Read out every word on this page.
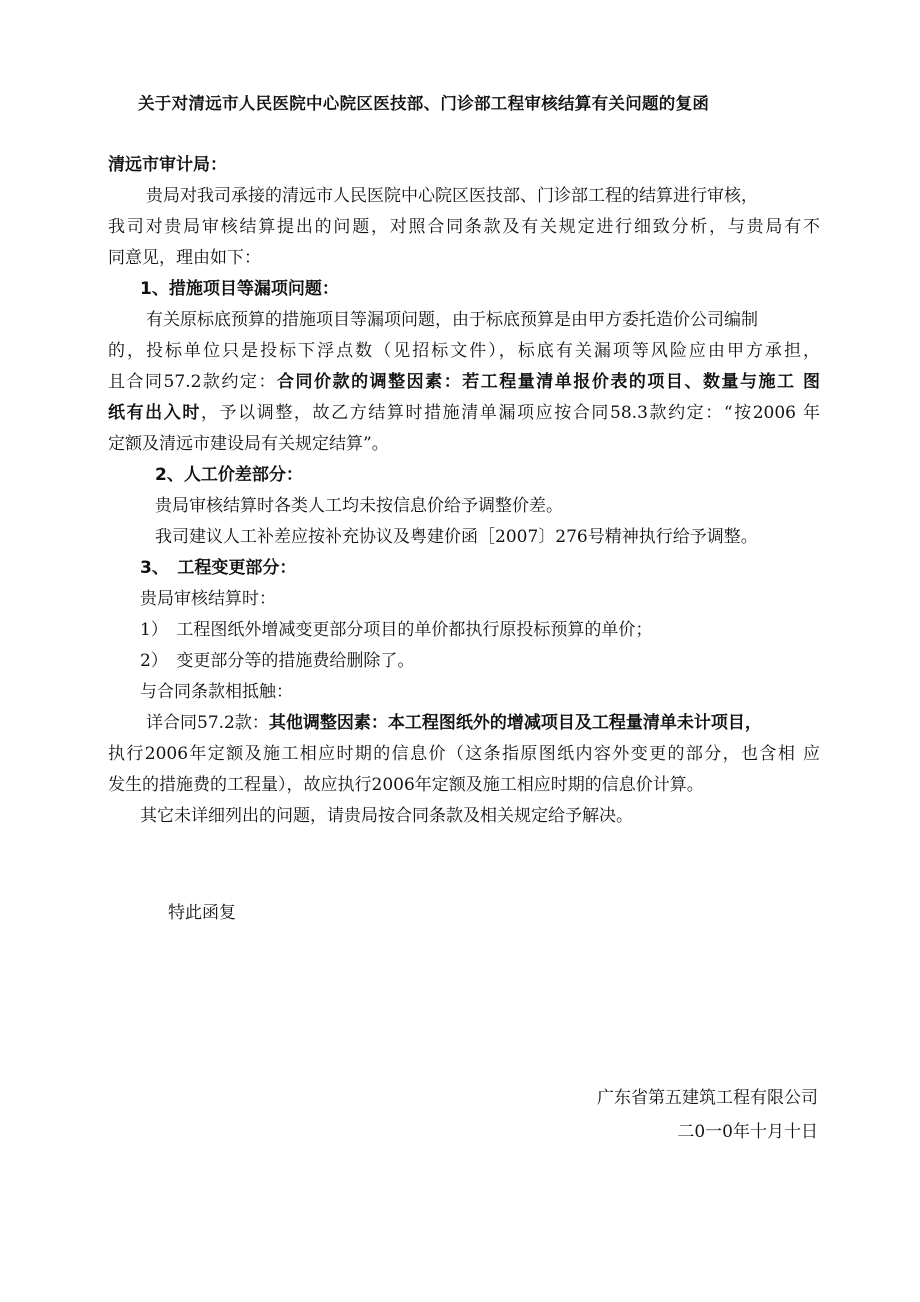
关于对清远市人民医院中心院区医技部、门诊部工程审核结算有关问题的复函
清远市审计局：
贵局对我司承接的清远市人民医院中心院区医技部、门诊部工程的结算进行审核，
我司对贵局审核结算提出的问题，对照合同条款及有关规定进行细致分析，与贵局有不
同意见，理由如下：
1、措施项目等漏项问题：
有关原标底预算的措施项目等漏项问题，由于标底预算是由甲方委托造价公司编制
的，投标单位只是投标下浮点数（见招标文件），标底有关漏项等风险应由甲方承担，
且合同57.2款约定：合同价款的调整因素：若工程量清单报价表的项目、数量与施工 图
纸有出入时，予以调整，故乙方结算时措施清单漏项应按合同58.3款约定：“按2006 年
定额及清远市建设局有关规定结算”。
2、人工价差部分：
贵局审核结算时各类人工均未按信息价给予调整价差。
我司建议人工补差应按补充协议及粤建价函［2007〕276号精神执行给予调整。
3、　工程变更部分：
贵局审核结算时：
1）　工程图纸外增减变更部分项目的单价都执行原投标预算的单价；
2）　变更部分等的措施费给删除了。
与合同条款相抵触：
详合同57.2款：其他调整因素：本工程图纸外的增减项目及工程量清单未计项目，
执行2006年定额及施工相应时期的信息价（这条指原图纸内容外变更的部分，也含相 应
发生的措施费的工程量），故应执行2006年定额及施工相应时期的信息价计算。
其它未详细列出的问题，请贵局按合同条款及相关规定给予解决。
特此函复
广东省第五建筑工程有限公司
二0一0年十月十日
